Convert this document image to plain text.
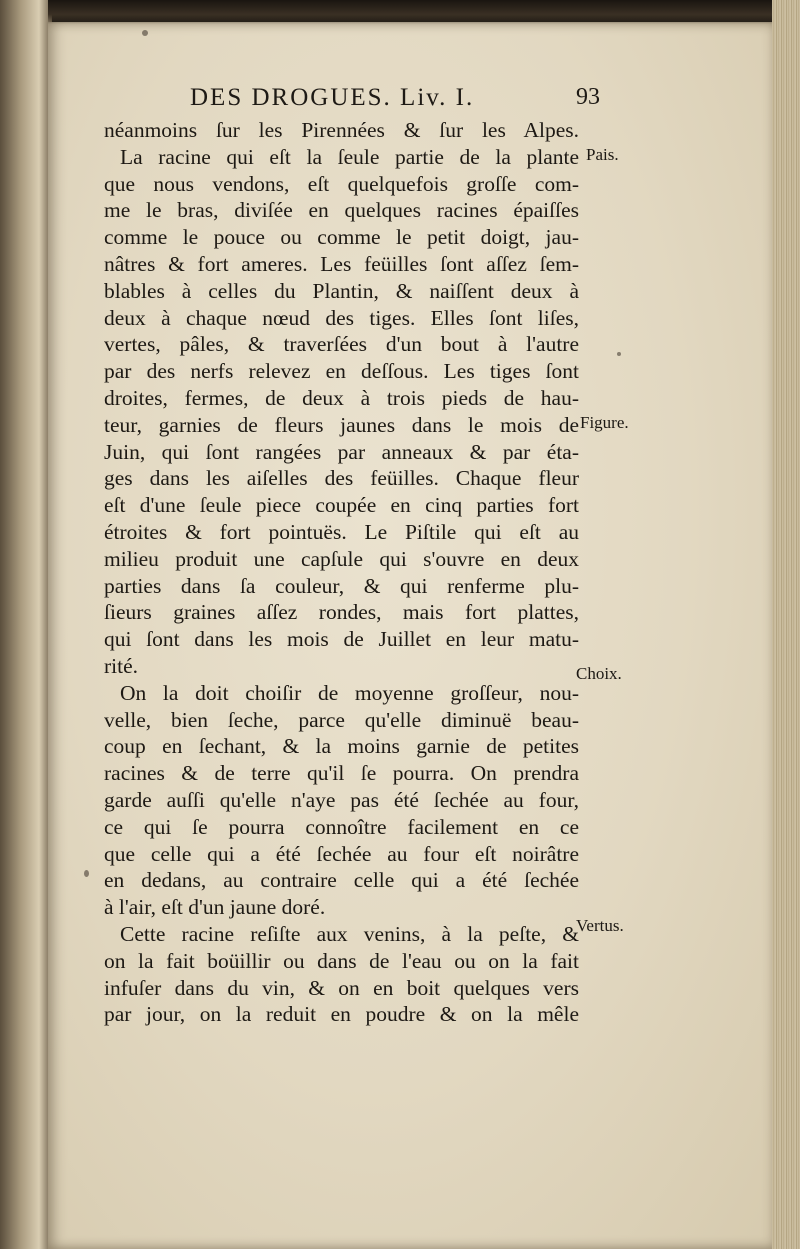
DES DROGUES. Liv. I.	93
néanmoins ſur les Pirennées & ſur les Alpes.
La racine qui eſt la ſeule partie de la plante
que nous vendons, eſt quelquefois groſſe com-
me le bras, diviſée en quelques racines épaiſſes
comme le pouce ou comme le petit doigt, jau-
nâtres & fort ameres. Les feüilles ſont aſſez ſem-
blables à celles du Plantin, & naiſſent deux à
deux à chaque nœud des tiges. Elles ſont liſes,
vertes, pâles, & traverſées d'un bout à l'autre
par des nerfs relevez en deſſous. Les tiges ſont
droites, fermes, de deux à trois pieds de hau-
teur, garnies de fleurs jaunes dans le mois de
Juin, qui ſont rangées par anneaux & par éta-
ges dans les aiſelles des feüilles. Chaque fleur
eſt d'une ſeule piece coupée en cinq parties fort
étroites & fort pointuës. Le Piſtile qui eſt au
milieu produit une capſule qui s'ouvre en deux
parties dans ſa couleur, & qui renferme plu-
ſieurs graines aſſez rondes, mais fort plattes,
qui ſont dans les mois de Juillet en leur matu-
rité.
On la doit choiſir de moyenne groſſeur, nou-
velle, bien ſeche, parce qu'elle diminuë beau-
coup en ſechant, & la moins garnie de petites
racines & de terre qu'il ſe pourra. On prendra
garde auſſi qu'elle n'aye pas été ſechée au four,
ce qui ſe pourra connoître facilement en ce
que celle qui a été ſechée au four eſt noirâtre
en dedans, au contraire celle qui a été ſechée
à l'air, eſt d'un jaune doré.
Cette racine reſiſte aux venins, à la peſte, &
on la fait boüillir ou dans de l'eau ou on la fait
infuſer dans du vin, & on en boit quelques vers
par jour, on la reduit en poudre & on la mêle
Pais.
Figure.
Choix.
Vertus.
